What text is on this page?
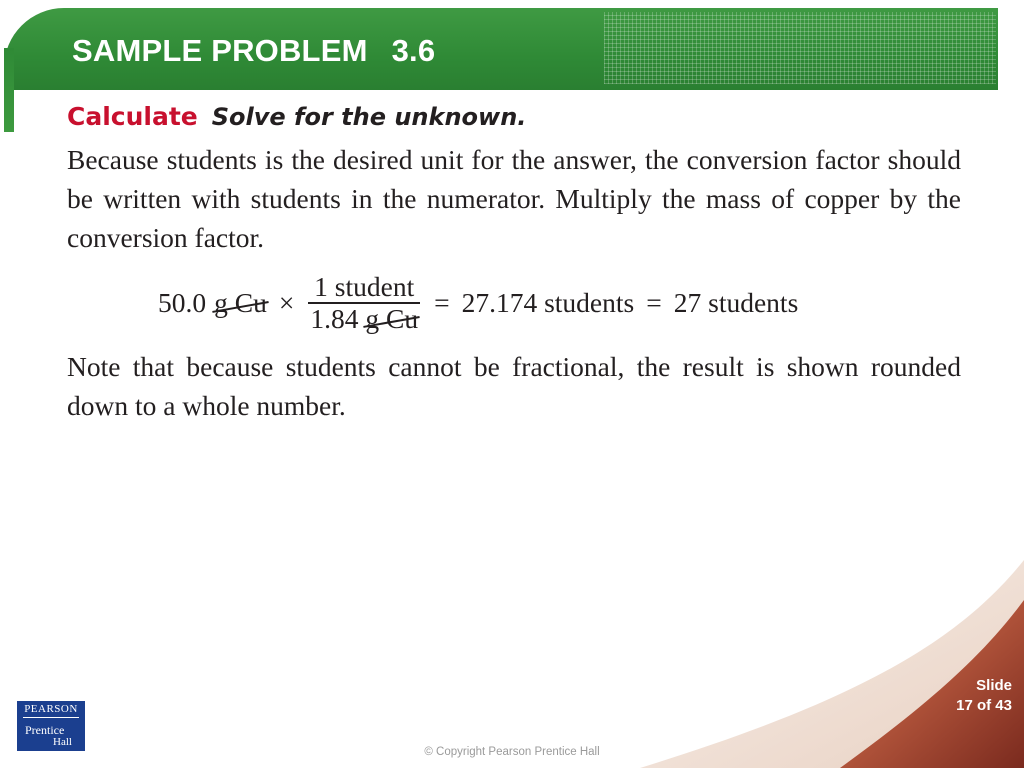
SAMPLE PROBLEM 3.6

Calculate Solve for the unknown.

Because students is the desired unit for the answer, the conversion factor should be written with students in the numerator. Multiply the mass of copper by the conversion factor.

50.0 g $Cu \times \frac{\text{1 student}}{\text{1.84 g Cu}} = 27.174$ students = 27 students

Note that because students cannot be fractional, the result is shown rounded down to a whole number.

PEARSON
Prentice
Hall
Slide
17 of 43
© Copyright Pearson Prentice Hall
